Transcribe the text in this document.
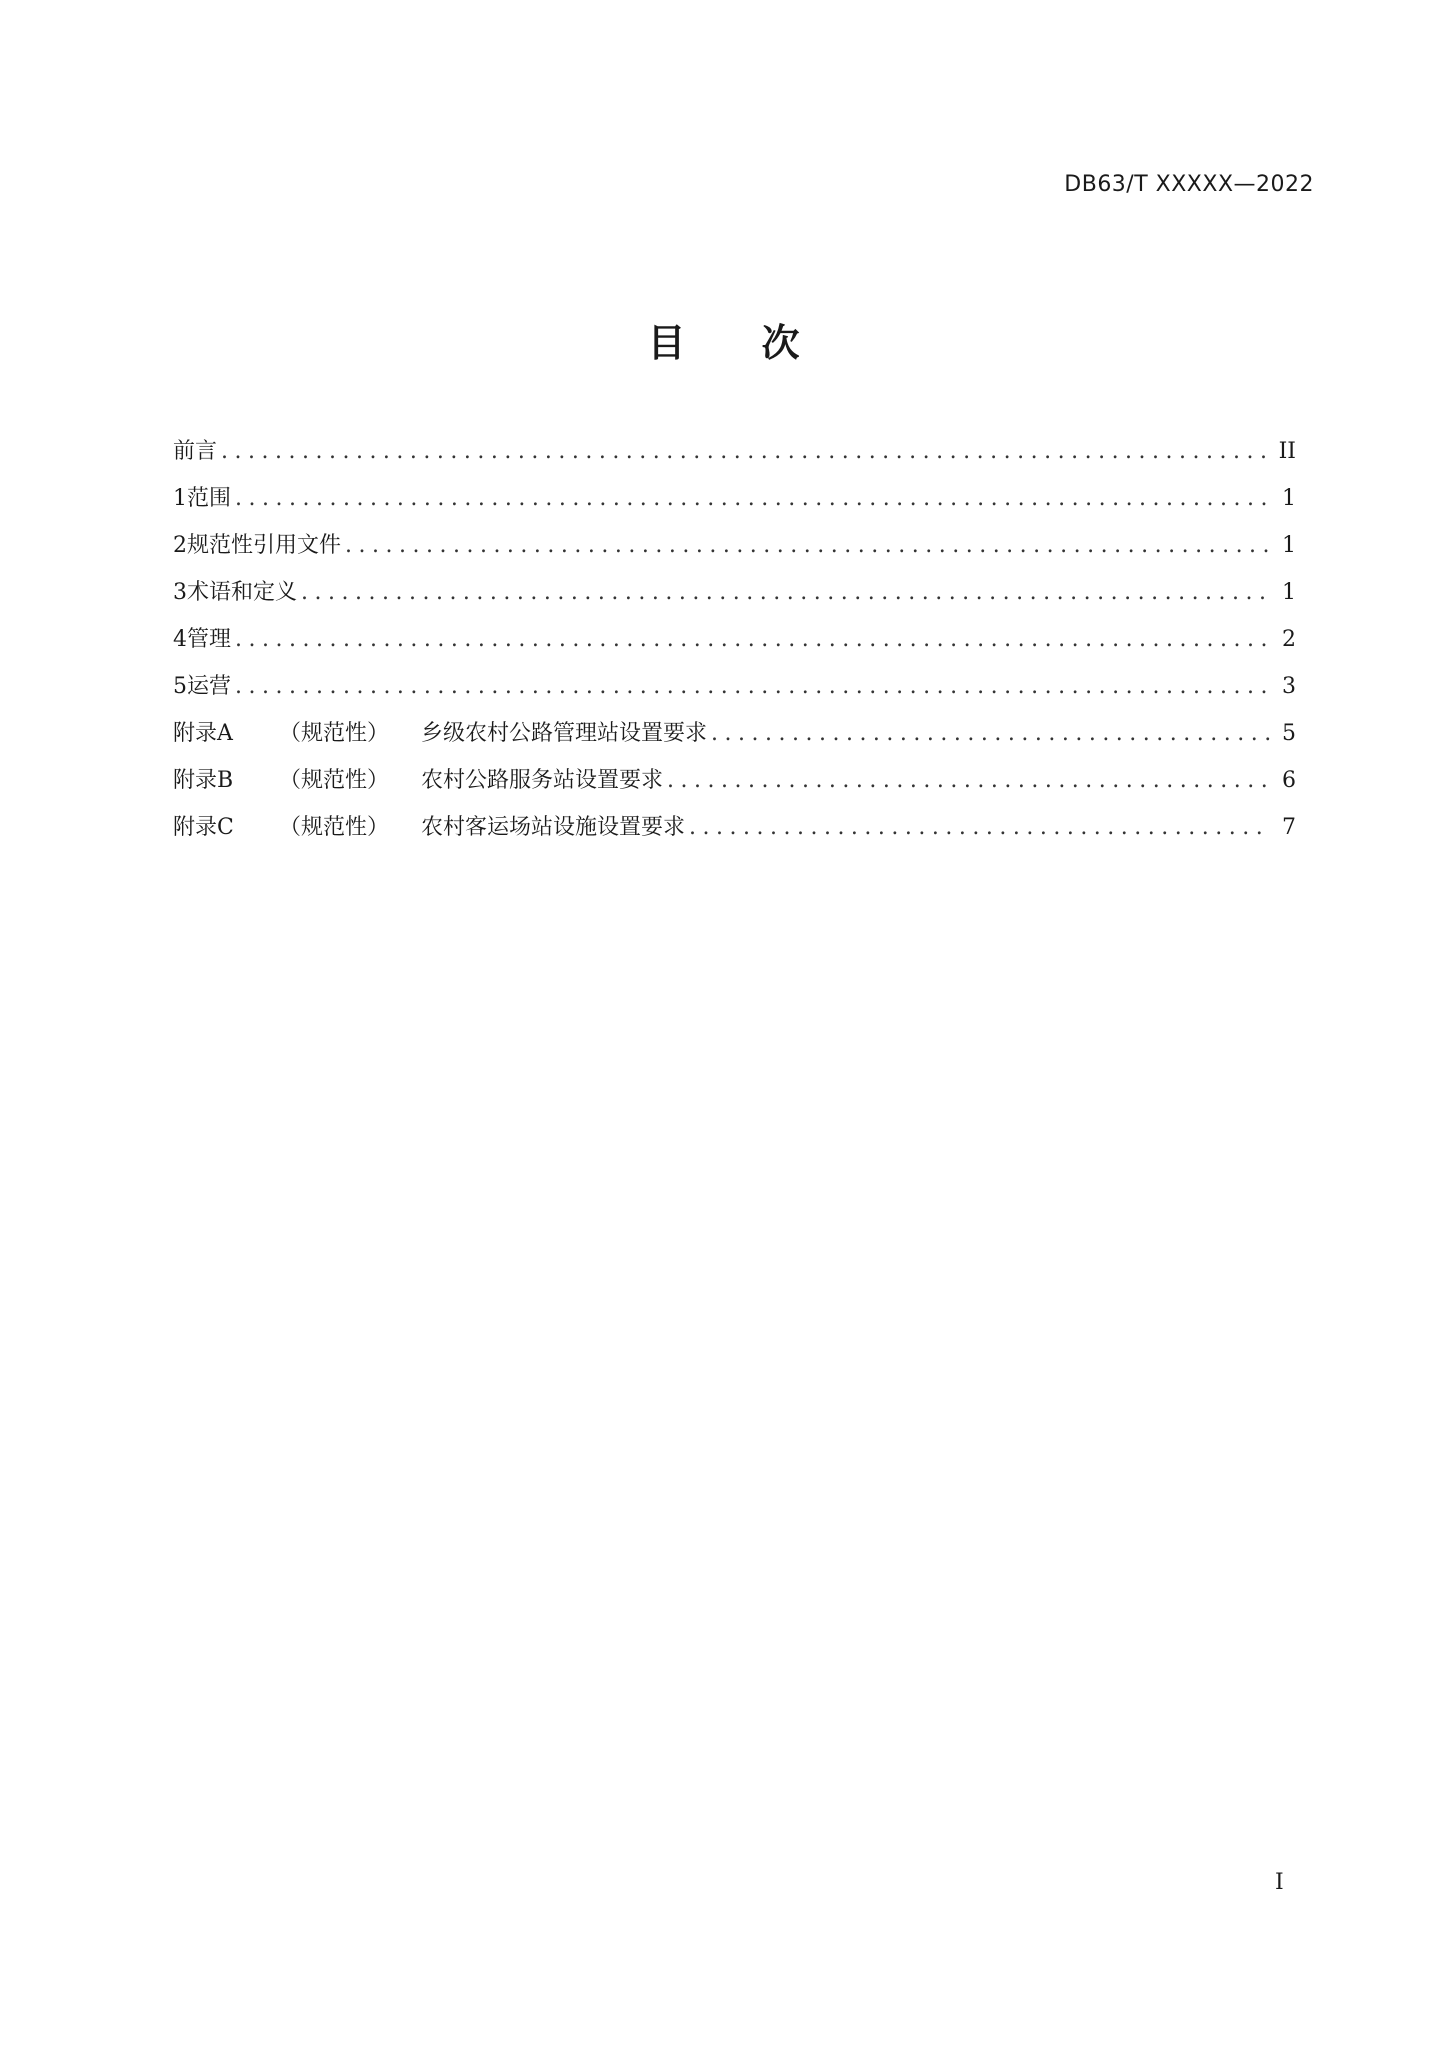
DB63/T XXXXX—2022
目 次
前言 .....	II
1 范围 .....	1
2 规范性引用文件 .....	1
3 术语和定义 .....	1
4 管理 .....	2
5 运营 .....	3
附录A （规范性） 乡级农村公路管理站设置要求 .....	5
附录B （规范性） 农村公路服务站设置要求 .....	6
附录C （规范性） 农村客运场站设施设置要求 .....	7
I
